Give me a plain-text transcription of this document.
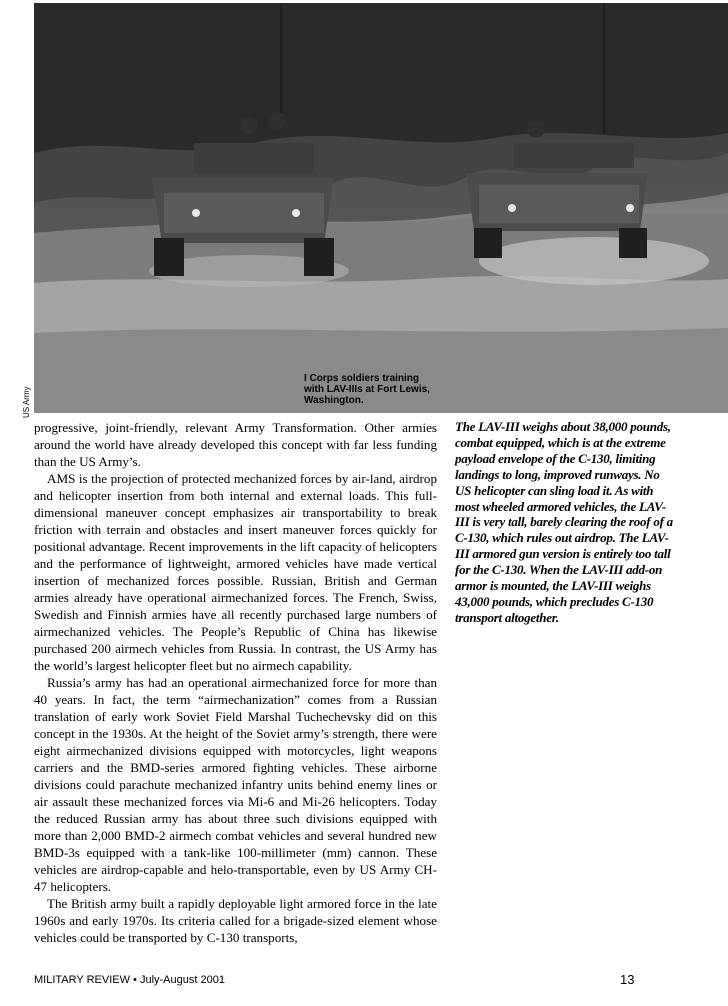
US Army
I Corps soldiers training
with LAV-IIIs at Fort Lewis,
Washington.

progressive, joint-friendly, relevant Army Transformation. Other armies around the world have already developed this concept with far less funding than the US Army’s.

AMS is the projection of protected mechanized forces by air-land, airdrop and helicopter insertion from both internal and external loads. This full-dimensional maneuver concept emphasizes air transportability to break friction with terrain and obstacles and insert maneuver forces quickly for positional advantage. Recent improvements in the lift capacity of helicopters and the performance of lightweight, armored vehicles have made vertical insertion of mechanized forces possible. Russian, British and German armies already have operational airmechanized forces. The French, Swiss, Swedish and Finnish armies have all recently purchased large numbers of airmechanized vehicles. The People’s Republic of China has likewise purchased 200 airmech vehicles from Russia. In contrast, the US Army has the world’s largest helicopter fleet but no airmech capability.

Russia’s army has had an operational airmechanized force for more than 40 years. In fact, the term “airmechanization” comes from a Russian translation of early work Soviet Field Marshal Tuchechevsky did on this concept in the 1930s. At the height of the Soviet army’s strength, there were eight airmechanized divisions equipped with motorcycles, light weapons carriers and the BMD-series armored fighting vehicles. These airborne divisions could parachute mechanized infantry units behind enemy lines or air assault these mechanized forces via Mi-6 and Mi-26 helicopters. Today the reduced Russian army has about three such divisions equipped with more than 2,000 BMD-2 airmech combat vehicles and several hundred new BMD-3s equipped with a tank-like 100-millimeter (mm) cannon. These vehicles are airdrop-capable and helo-transportable, even by US Army CH-47 helicopters.

The British army built a rapidly deployable light armored force in the late 1960s and early 1970s. Its criteria called for a brigade-sized element whose vehicles could be transported by C-130 transports,

The LAV-III weighs about 38,000 pounds, combat equipped, which is at the extreme payload envelope of the C-130, limiting landings to long, improved runways. No US helicopter can sling load it. As with most wheeled armored vehicles, the LAV-III is very tall, barely clearing the roof of a C-130, which rules out airdrop. The LAV-III armored gun version is entirely too tall for the C-130. When the LAV-III add-on armor is mounted, the LAV-III weighs 43,000 pounds, which precludes C-130 transport altogether.
MILITARY REVIEW • July-August 2001	13
